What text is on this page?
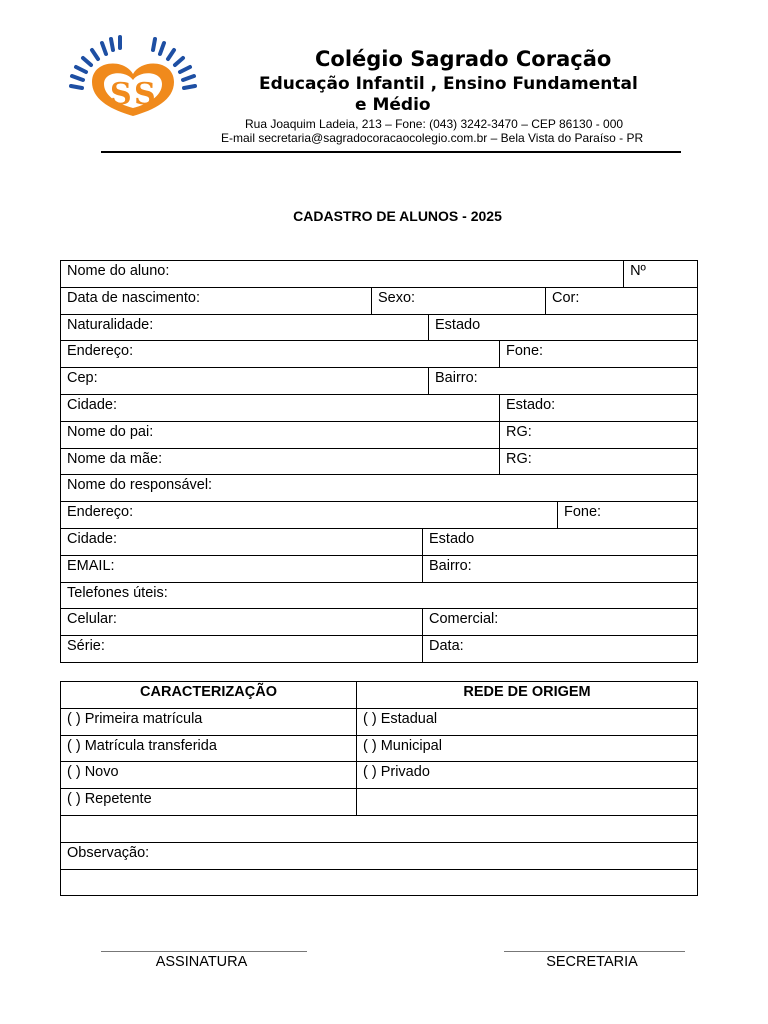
S S
Colégio Sagrado Coração
Educação Infantil , Ensino Fundamental
e Médio
Rua Joaquim Ladeia, 213 – Fone: (043) 3242-3470 – CEP 86130 - 000
E-mail secretaria@sagradocoracaocolegio.com.br – Bela Vista do Paraíso - PR
CADASTRO DE ALUNOS - 2025
Nome do aluno:							Nº
Data de nascimento:	Sexo:				Cor:		
Naturalidade:			Estado				
Endereço:				Fone:			
Cep:			Bairro:				
Cidade:				Estado:			
Nome do pai:				RG:			
Nome da mãe:				RG:			
Nome do responsável:							
Endereço:						Fone:	
Cidade:		Estado					
EMAIL:		Bairro:					
Telefones úteis:							
Celular:		Comercial:					
Série:		Data:					
CARACTERIZAÇÃO	REDE DE ORIGEM
( ) Primeira matrícula	( ) Estadual
( ) Matrícula transferida	( ) Municipal
( ) Novo	( ) Privado
( ) Repetente	

Observação:	

ASSINATURA	SECRETARIA
